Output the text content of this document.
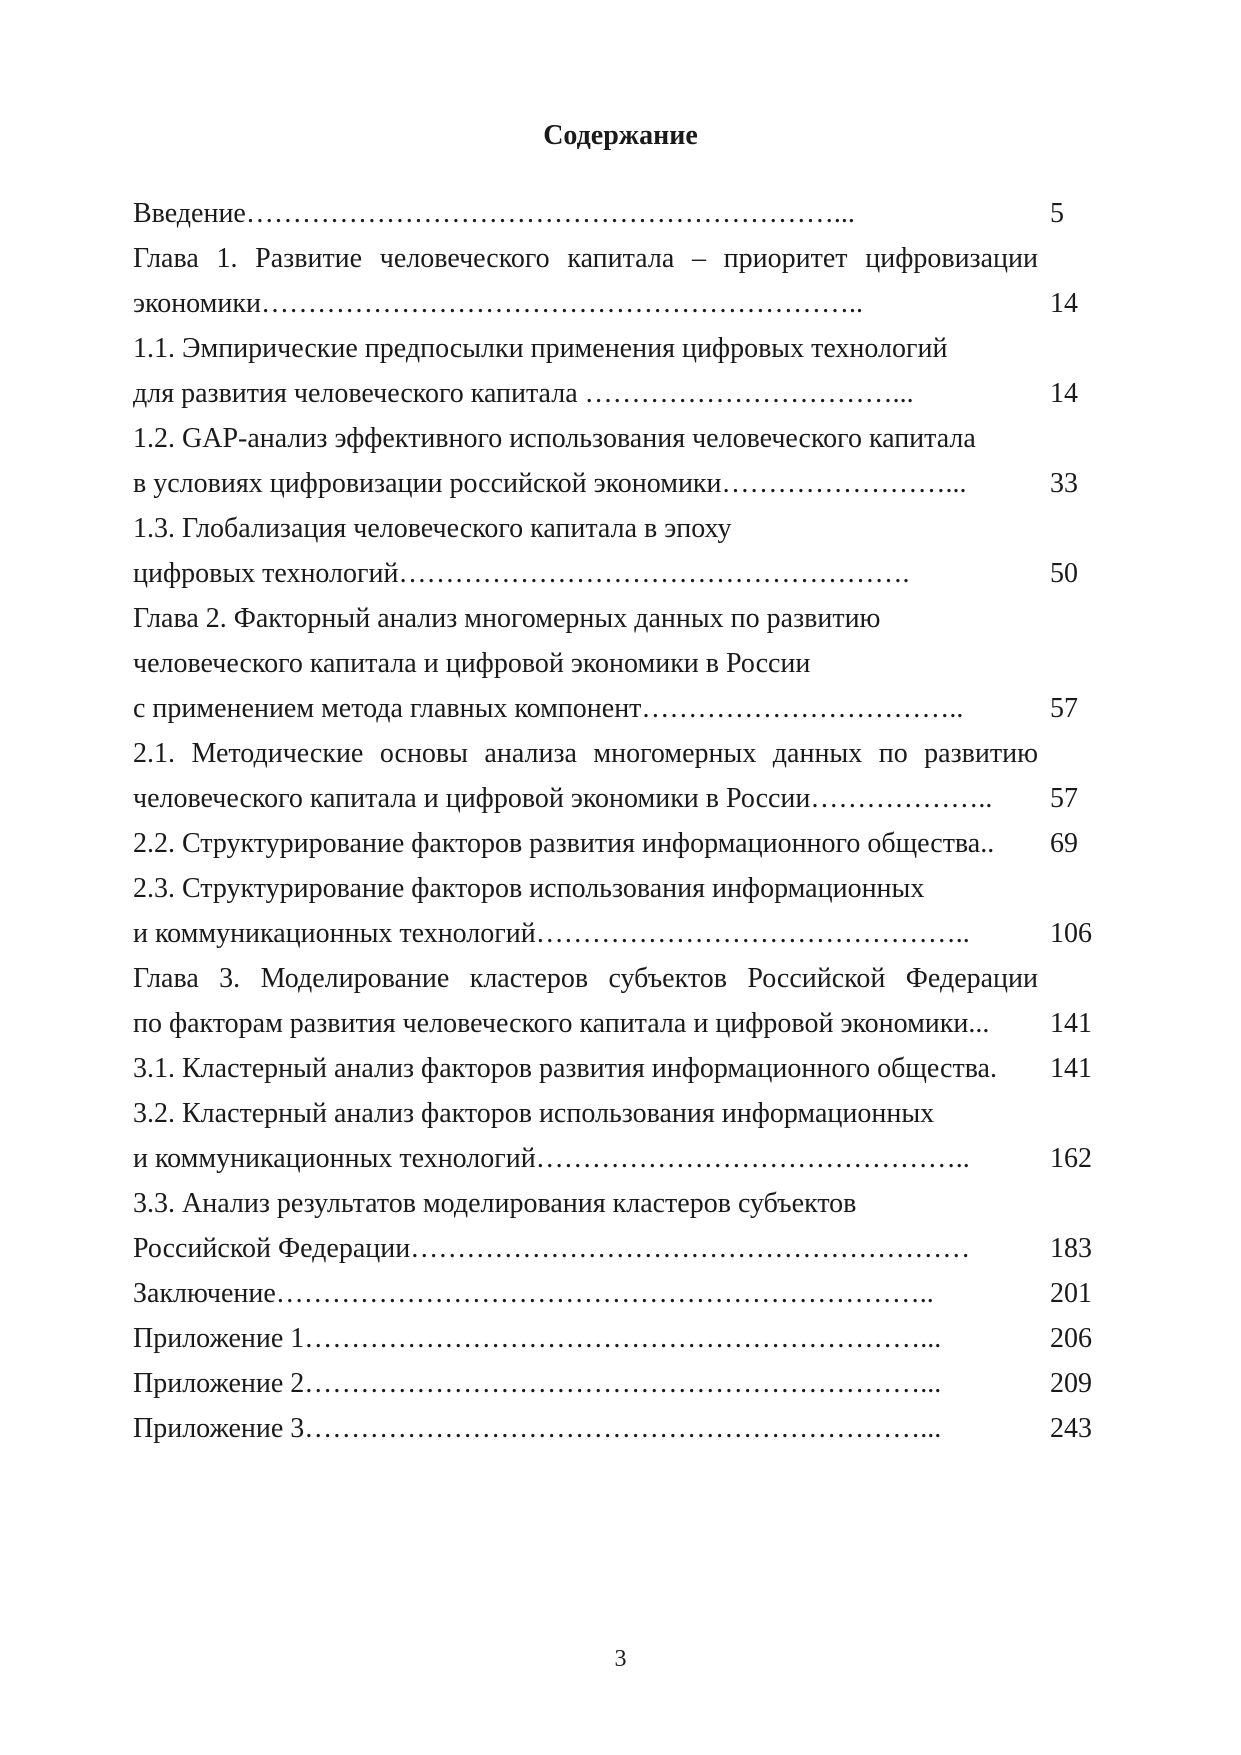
Содержание
Введение………………………………………………………...	5
Глава 1. Развитие человеческого капитала – приоритет цифровизации
экономики………………………………………………………..	14
1.1. Эмпирические предпосылки применения цифровых технологий
для развития человеческого капитала ……………………………...	14
1.2. GAP-анализ эффективного использования человеческого капитала
в условиях цифровизации российской экономики……………………...	33
1.3. Глобализация человеческого капитала в эпоху
цифровых технологий……………………………………………….	50
Глава 2. Факторный анализ многомерных данных по развитию
человеческого капитала и цифровой экономики в России
с применением метода главных компонент……………………………..	57
2.1. Методические основы анализа многомерных данных по развитию
человеческого капитала и цифровой экономики в России………………..	57
2.2. Структурирование факторов развития информационного общества..	69
2.3. Структурирование факторов использования информационных
и коммуникационных технологий………………………………………..	106
Глава 3. Моделирование кластеров субъектов Российской Федерации
по факторам развития человеческого капитала и цифровой экономики...	141
3.1. Кластерный анализ факторов развития информационного общества.	141
3.2. Кластерный анализ факторов использования информационных
и коммуникационных технологий………………………………………..	162
3.3. Анализ результатов моделирования кластеров субъектов
Российской Федерации……………………………………………………	183
Заключение……………………………………………………………..	201
Приложение 1…………………………………………………………...	206
Приложение 2…………………………………………………………...	209
Приложение 3…………………………………………………………...	243
3
